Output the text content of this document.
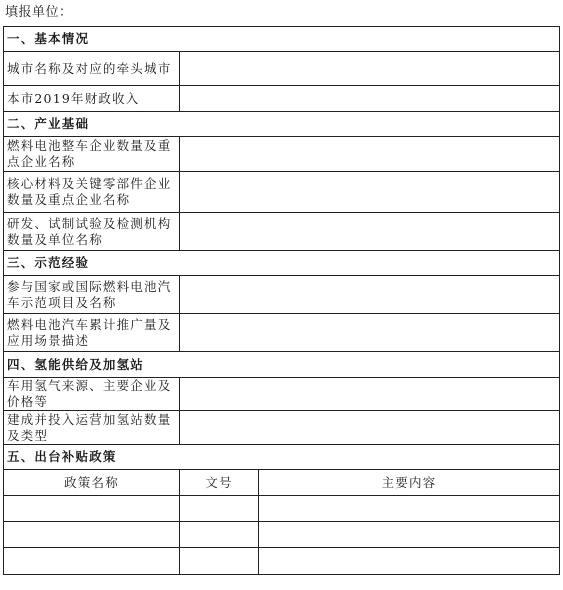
填报单位：
一、基本情况		
城市名称及对应的牵头城市		
本市2019年财政收入		
二、产业基础		
燃料电池整车企业数量及重点企业名称		
核心材料及关键零部件企业数量及重点企业名称		
研发、试制试验及检测机构数量及单位名称		
三、示范经验		
参与国家或国际燃料电池汽车示范项目及名称		
燃料电池汽车累计推广量及应用场景描述		
四、氢能供给及加氢站		
车用氢气来源、主要企业及价格等		
建成并投入运营加氢站数量及类型		
五、出台补贴政策		
政策名称	文号	主要内容
